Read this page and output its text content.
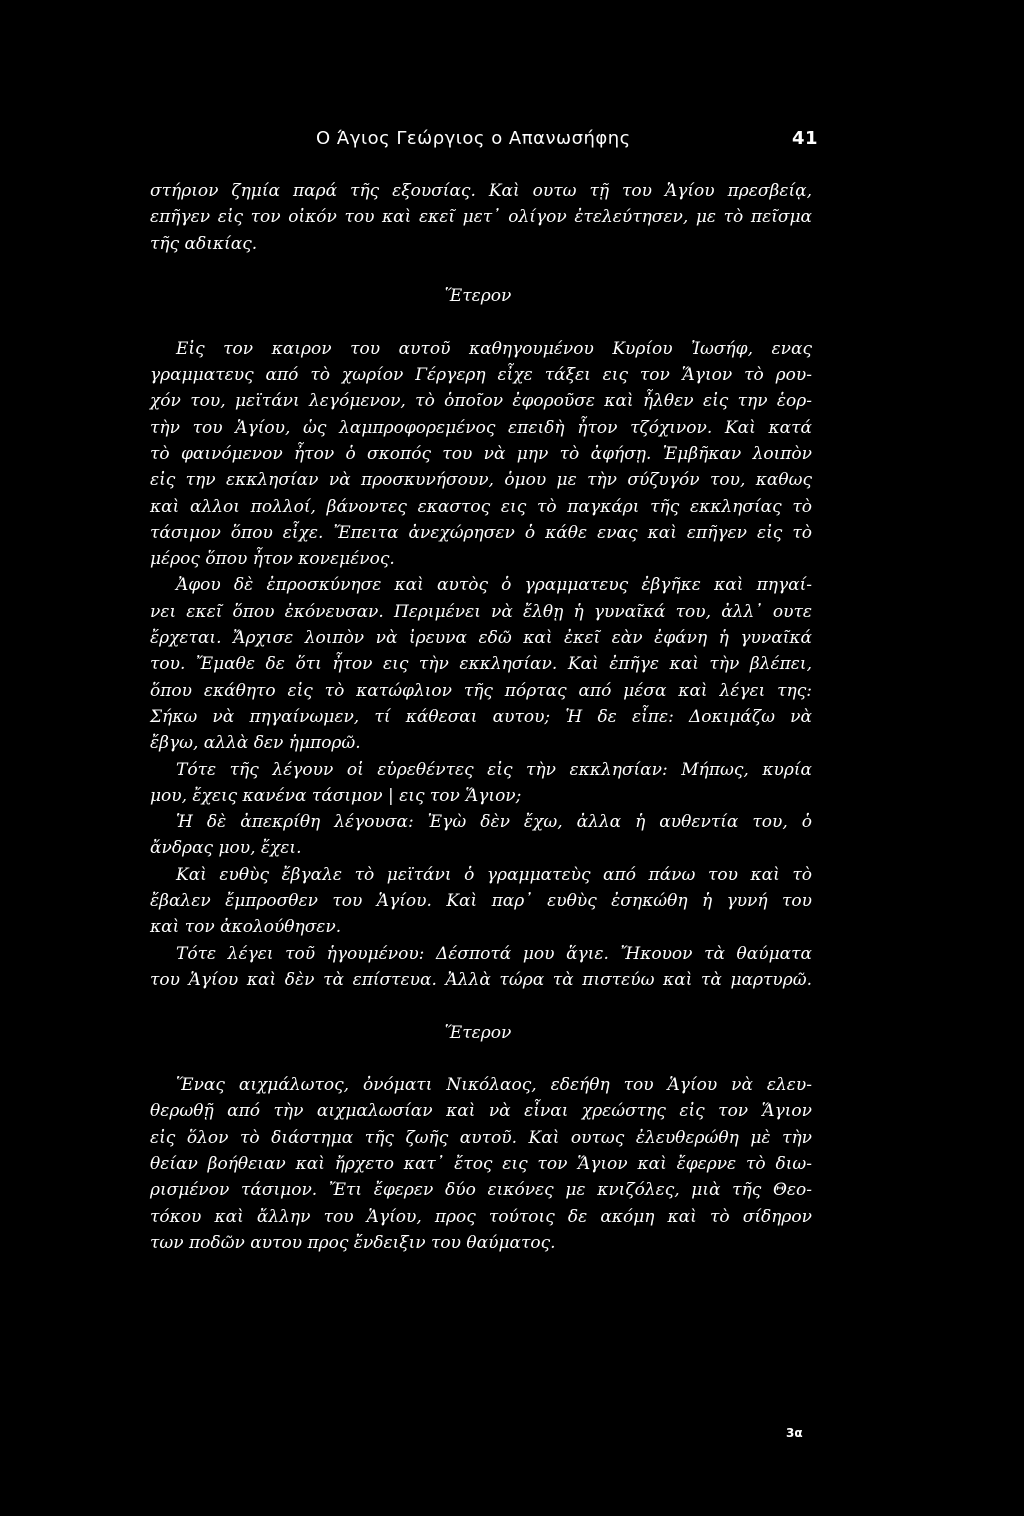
Ο Άγιος Γεώργιος ο Απανωσήφης	41
στήριον ζημία παρά τῆς εξουσίας. Καὶ ουτω τῇ του Ἁγίου πρεσβείᾳ,
επῆγεν εἰς τον οἰκόν του καὶ εκεῖ μετ᾽ ολίγον ἐτελεύτησεν, με τὸ πεῖσμα
τῆς αδικίας.
Ἕτερον
Εἰς τον καιρον του αυτοῦ καθηγουμένου Κυρίου Ἰωσήφ, ενας
γραμματευς από τὸ χωρίον Γέργερη εἶχε τάξει εις τον Ἅγιον τὸ ρου-
χόν του, μεϊτάνι λεγόμενον, τὸ ὁποῖον ἐφοροῦσε καὶ ἦλθεν εἰς την ἑορ-
τὴν του Ἁγίου, ὡς λαμπροφορεμένος επειδὴ ἦτον τζόχινον. Καὶ κατά
τὸ φαινόμενον ἦτον ὁ σκοπός του νὰ μην τὸ ἀφήσῃ. Ἐμβῆκαν λοιπὸν
εἰς την εκκλησίαν νὰ προσκυνήσουν, ὁμου με τὴν σύζυγόν του, καθως
καὶ αλλοι πολλοί, βάνοντες εκαστος εις τὸ παγκάρι τῆς εκκλησίας τὸ
τάσιμον ὅπου εἶχε. Ἔπειτα ἀνεχώρησεν ὁ κάθε ενας καὶ επῆγεν εἰς τὸ
μέρος ὅπου ἦτον κονεμένος.
Ἀφου δὲ ἐπροσκύνησε καὶ αυτὸς ὁ γραμματευς ἐβγῆκε καὶ πηγαί-
νει εκεῖ ὅπου ἐκόνευσαν. Περιμένει νὰ ἔλθῃ ἡ γυναῖκά του, ἀλλ᾽ ουτε
ἔρχεται. Ἄρχισε λοιπὸν νὰ ἰρευνα εδῶ καὶ ἐκεῖ εὰν ἐφάνη ἡ γυναῖκά
του. Ἔμαθε δε ὅτι ἦτον εις τὴν εκκλησίαν. Καὶ ἐπῆγε καὶ τὴν βλέπει,
ὅπου εκάθητο εἰς τὸ κατώφλιον τῆς πόρτας από μέσα καὶ λέγει της:
Σήκω νὰ πηγαίνωμεν, τί κάθεσαι αυτου; Ἡ δε εἶπε: Δοκιμάζω νὰ
ἔβγω, αλλὰ δεν ἠμπορῶ.
Τότε τῆς λέγουν οἱ εὑρεθέντες εἰς τὴν εκκλησίαν: Μήπως, κυρία
μου, ἔχεις κανένα τάσιμον | εις τον Ἅγιον;
Ἡ δὲ ἀπεκρίθη λέγουσα: Ἐγὼ δὲν ἔχω, ἀλλα ἡ αυθεντία του, ὁ
ἄνδρας μου, ἔχει.
Καὶ ευθὺς ἔβγαλε τὸ μεϊτάνι ὁ γραμματεὺς από πάνω του καὶ τὸ
ἔβαλεν ἔμπροσθεν του Ἁγίου. Καὶ παρ᾽ ευθὺς ἐσηκώθη ἡ γυνή του
καὶ τον ἀκολούθησεν.
Τότε λέγει τοῦ ἡγουμένου: Δέσποτά μου ἅγιε. Ἤκουον τὰ θαύματα
του Ἁγίου καὶ δὲν τὰ επίστευα. Ἀλλὰ τώρα τὰ πιστεύω καὶ τὰ μαρτυρῶ.
Ἕτερον
Ἕνας αιχμάλωτος, ὀνόματι Νικόλαος, εδεήθη του Ἁγίου νὰ ελευ-
θερωθῇ από τὴν αιχμαλωσίαν καὶ νὰ εἶναι χρεώστης εἰς τον Ἅγιον
εἰς ὅλον τὸ διάστημα τῆς ζωῆς αυτοῦ. Καὶ ουτως ἐλευθερώθη μὲ τὴν
θείαν βοήθειαν καὶ ἤρχετο κατ᾽ ἔτος εις τον Ἅγιον καὶ ἔφερνε τὸ διω-
ρισμένον τάσιμον. Ἔτι ἔφερεν δύο εικόνες με κνιζόλες, μιὰ τῆς Θεο-
τόκου καὶ ἄλλην του Ἁγίου, προς τούτοις δε ακόμη καὶ τὸ σίδηρον
των ποδῶν αυτου προς ἔνδειξιν του θαύματος.
3α
